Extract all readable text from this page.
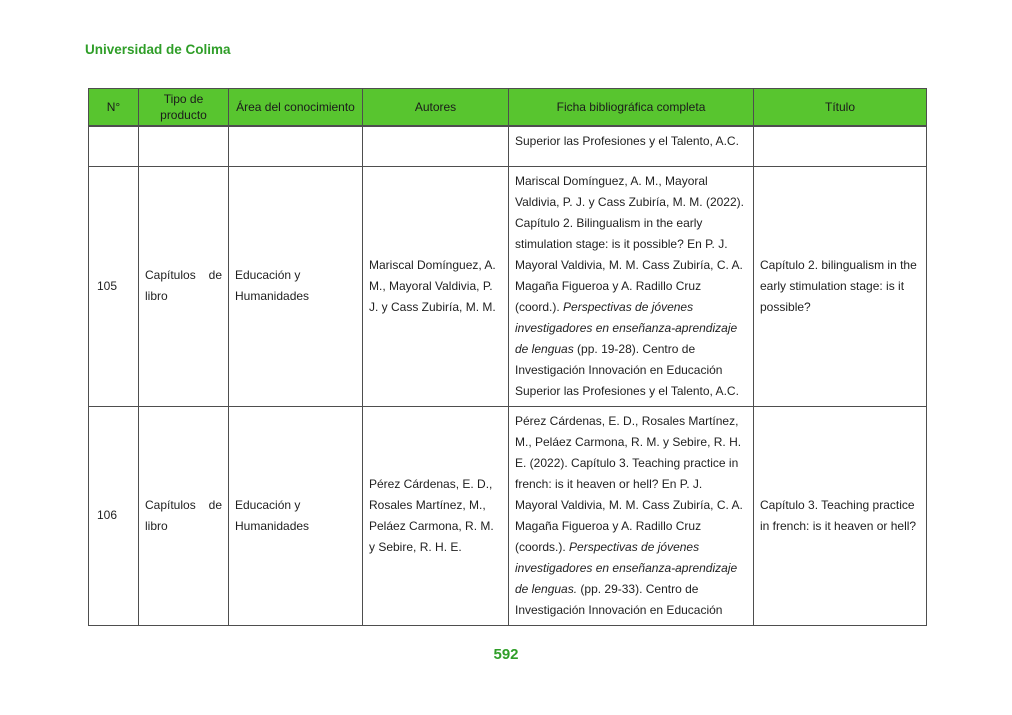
Universidad de Colima
N°	Tipo de producto	Área del conocimiento	Autores	Ficha bibliográfica completa	Título
				Superior las Profesiones y el Talento, A.C.	
105	Capítulos de libro	Educación y Humanidades	Mariscal Domínguez, A. M., Mayoral Valdivia, P. J. y Cass Zubiría, M. M.	Mariscal Domínguez, A. M., Mayoral Valdivia, P. J. y Cass Zubiría, M. M. (2022). Capítulo 2. Bilingualism in the early stimulation stage: is it possible? En P. J. Mayoral Valdivia, M. M. Cass Zubiría, C. A. Magaña Figueroa y A. Radillo Cruz (coord.). Perspectivas de jóvenes investigadores en enseñanza-aprendizaje de lenguas (pp. 19-28). Centro de Investigación Innovación en Educación Superior las Profesiones y el Talento, A.C.	Capítulo 2. bilingualism in the early stimulation stage: is it possible?
106	Capítulos de libro	Educación y Humanidades	Pérez Cárdenas, E. D., Rosales Martínez, M., Peláez Carmona, R. M. y Sebire, R. H. E.	Pérez Cárdenas, E. D., Rosales Martínez, M., Peláez Carmona, R. M. y Sebire, R. H. E. (2022). Capítulo 3. Teaching practice in french: is it heaven or hell? En P. J. Mayoral Valdivia, M. M. Cass Zubiría, C. A. Magaña Figueroa y A. Radillo Cruz (coords.). Perspectivas de jóvenes investigadores en enseñanza-aprendizaje de lenguas. (pp. 29-33). Centro de Investigación Innovación en Educación	Capítulo 3. Teaching practice in french: is it heaven or hell?
592
